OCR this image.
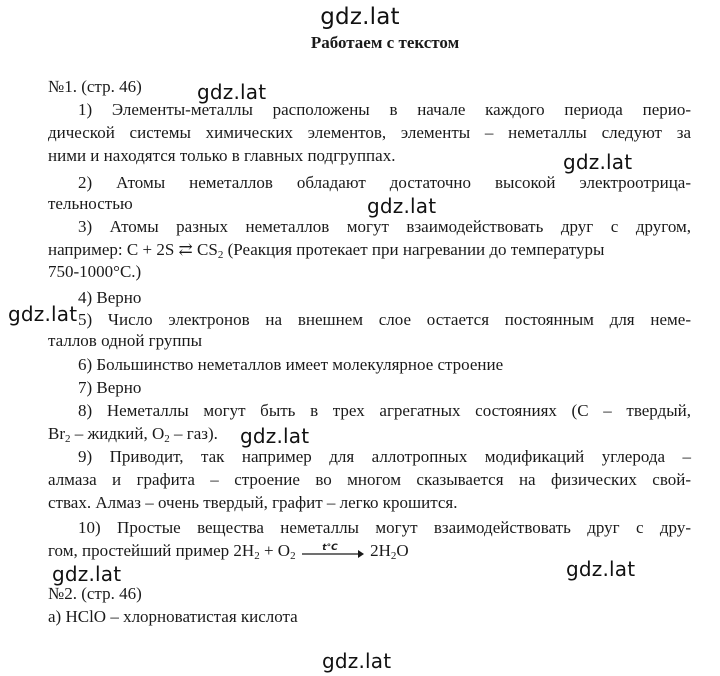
gdz.lat
gdz.lat
gdz.lat
gdz.lat
gdz.lat
gdz.lat
gdz.lat	gdz.lat
gdz.lat
Работаем с текстом
№1. (стр. 46)
1) Элементы-металлы расположены в начале каждого периода перио-
дической системы химических элементов, элементы – неметаллы следуют за
ними и находятся только в главных подгруппах.
2) Атомы неметаллов обладают достаточно высокой электроотрица-
тельностью
3) Атомы разных неметаллов могут взаимодействовать друг с другом,
например: C + 2S ⇄ $CS_2$ (Реакция протекает при нагревании до температуры
750-1000°C.)
4) Верно
5) Число электронов на внешнем слое остается постоянным для неме-
таллов одной группы
6) Большинство неметаллов имеет молекулярное строение
7) Верно
8) Неметаллы могут быть в трех агрегатных состояниях (C – твердый,
$Br_2$ – жидкий, $O_2 - газ$).
9) Приводит, так например для аллотропных модификаций углерода –
алмаза и графита – строение во многом сказывается на физических свой-
ствах. Алмаз – очень твердый, графит – легко крошится.
10) Простые вещества неметаллы могут взаимодействовать друг с дру-
гом, простейший пример $2H_2 + O_2$
t°C $2H_2O$
№2. (стр. 46)
а) HClO – хлорноватистая кислота
